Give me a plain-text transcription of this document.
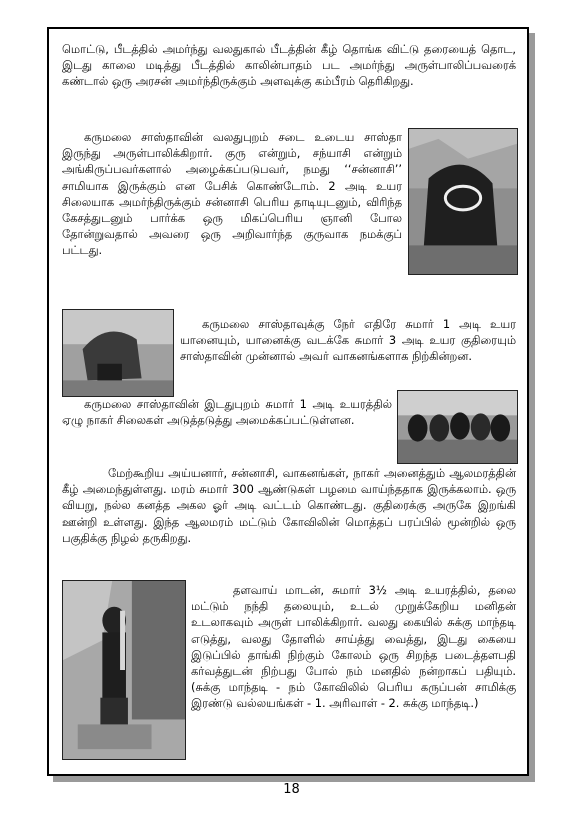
மொட்டு, பீடத்தில் அமர்ந்து வலதுகால் பீடத்தின் கீழ் தொங்க விட்டு தரையைத் தொட, இடது காலை மடித்து பீடத்தில் காலின்பாதம் பட அமர்ந்து அருள்பாலிப்பவரைக் கண்டால் ஒரு அரசன் அமர்ந்திருக்கும் அளவுக்கு கம்பீரம் தெரிகிறது.

கருமலை சாஸ்தாவின் வலதுபுறம் சடை உடைய சாஸ்தா இருந்து அருள்பாலிக்கிறார். குரு என்றும், சந்யாசி என்றும் அங்கிருப்பவர்களால் அழைக்கப்படுபவர், நமது ‘‘சன்னாசி’’ சாமியாக இருக்கும் என பேசிக் கொண்டோம். 2 அடி உயர சிலையாக அமர்ந்திருக்கும் சன்னாசி பெரிய தாடியுடனும், விரிந்த கேசத்துடனும் பார்க்க ஒரு மிகப்பெரிய ஞானி போல தோன்றுவதால் அவரை ஒரு அறிவார்ந்த குருவாக நமக்குப் பட்டது.

கருமலை சாஸ்தாவுக்கு நேர் எதிரே சுமார் 1 அடி உயர யானையும், யானைக்கு வடக்கே சுமார் 3 அடி உயர குதிரையும் சாஸ்தாவின் முன்னால் அவர் வாகனங்களாக நிற்கின்றன.

கருமலை சாஸ்தாவின் இடதுபுறம் சுமார் 1 அடி உயரத்தில் ஏழு நாகர் சிலைகள் அடுத்தடுத்து அமைக்கப்பட்டுள்ளன.

மேற்கூறிய அய்யனார், சன்னாசி, வாகனங்கள், நாகர் அனைத்தும் ஆலமரத்தின் கீழ் அமைந்துள்ளது. மரம் சுமார் 300 ஆண்டுகள் பழமை வாய்ந்ததாக இருக்கலாம். ஒரு வியறு, நல்ல கனத்த அகல ஓர் அடி வட்டம் கொண்டது. குதிரைக்கு அருகே இறங்கி ஊன்றி உள்ளது. இந்த ஆலமரம் மட்டும் கோவிலின் மொத்தப் பரப்பில் மூன்றில் ஒரு பகுதிக்கு நிழல் தருகிறது.

தளவாய் மாடன், சுமார் 3½ அடி உயரத்தில், தலை மட்டும் நந்தி தலையும், உடல் முறுக்கேறிய மனிதன் உடலாகவும் அருள் பாலிக்கிறார். வலது கையில் சுக்கு மாந்தடி எடுத்து, வலது தோளில் சாய்த்து வைத்து, இடது கையை இடுப்பில் தாங்கி நிற்கும் கோலம் ஒரு சிறந்த படைத்தளபதி கர்வத்துடன் நிற்பது போல் நம் மனதில் நன்றாகப் பதியும். (சுக்கு மாந்தடி - நம் கோவிலில் பெரிய கருப்பன் சாமிக்கு இரண்டு வல்லயங்கள் - 1. அரிவாள் - 2. சுக்கு மாந்தடி.)

18
